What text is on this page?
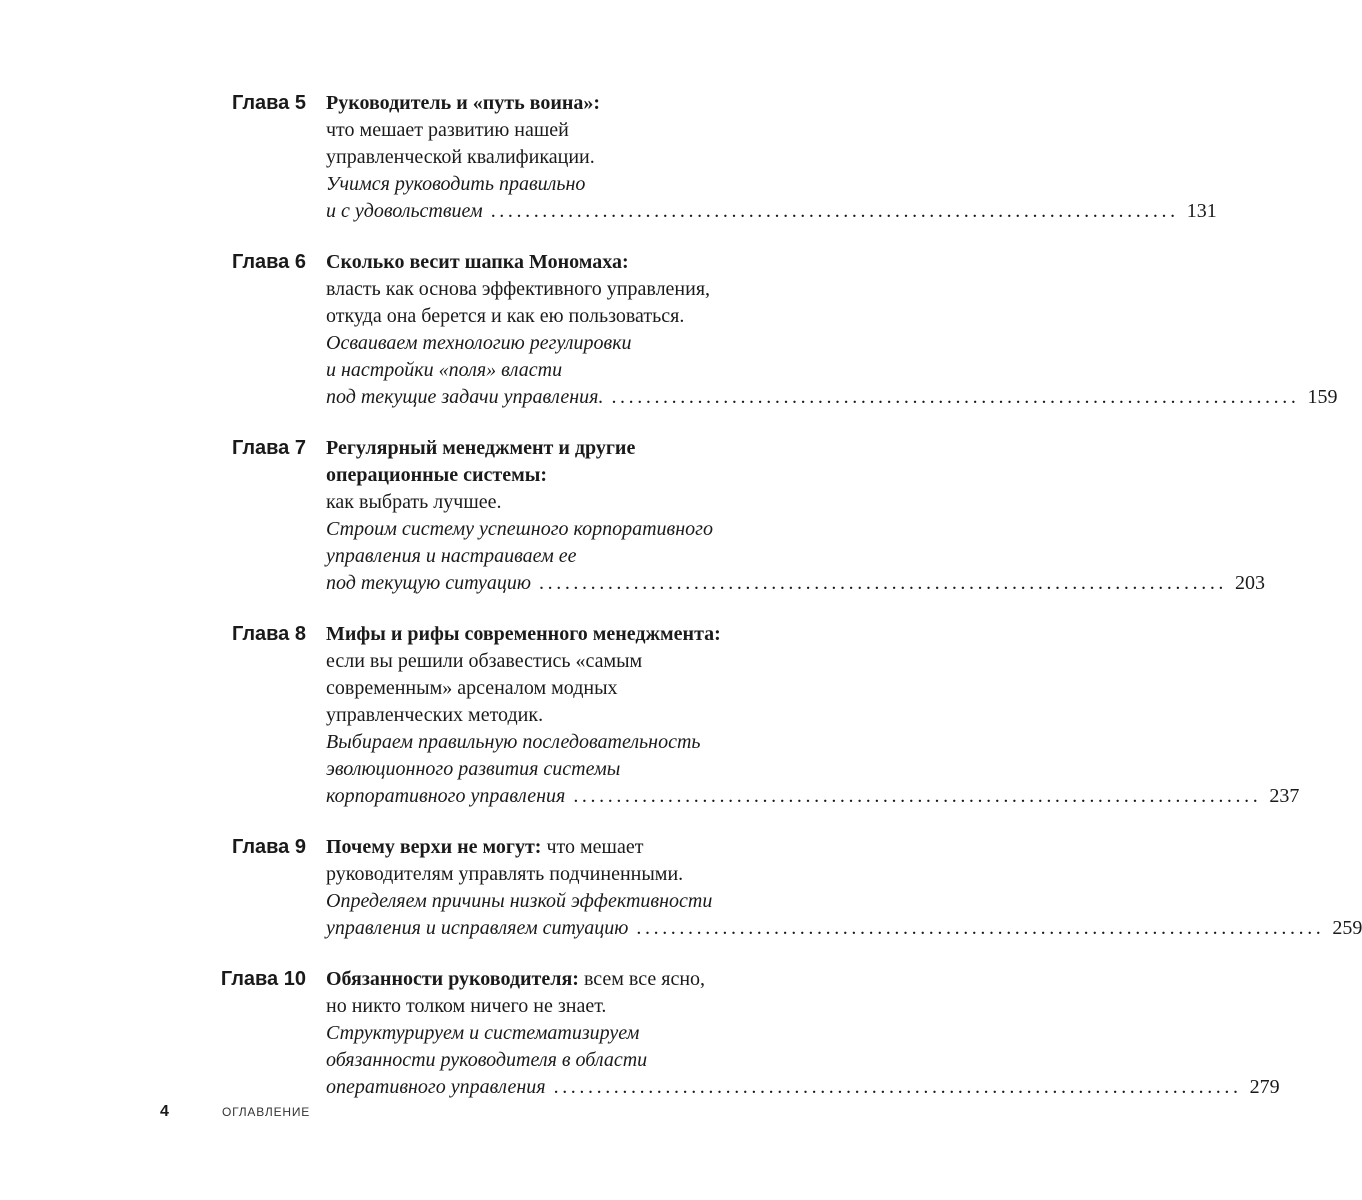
Глава 5 Руководитель и «путь воина»:
что мешает развитию нашей
управленческой квалификации.
Учимся руководить правильно
и с удовольствием ................................................................................ 131
Глава 6 Сколько весит шапка Мономаха:
власть как основа эффективного управления,
откуда она берется и как ею пользоваться.
Осваиваем технологию регулировки
и настройки «поля» власти
под текущие задачи управления. ................................................................................ 159
Глава 7 Регулярный менеджмент и другие
операционные системы:
как выбрать лучшее.
Строим систему успешного корпоративного
управления и настраиваем ее
под текущую ситуацию ................................................................................ 203
Глава 8 Мифы и рифы современного менеджмента:
если вы решили обзавестись «самым
современным» арсеналом модных
управленческих методик.
Выбираем правильную последовательность
эволюционного развития системы
корпоративного управления ................................................................................ 237
Глава 9 Почему верхи не могут: что мешает
руководителям управлять подчиненными.
Определяем причины низкой эффективности
управления и исправляем ситуацию ................................................................................ 259
Глава 10 Обязанности руководителя: всем все ясно,
но никто толком ничего не знает.
Структурируем и систематизируем
обязанности руководителя в области
оперативного управления ................................................................................ 279
4	ОГЛАВЛЕНИЕ
